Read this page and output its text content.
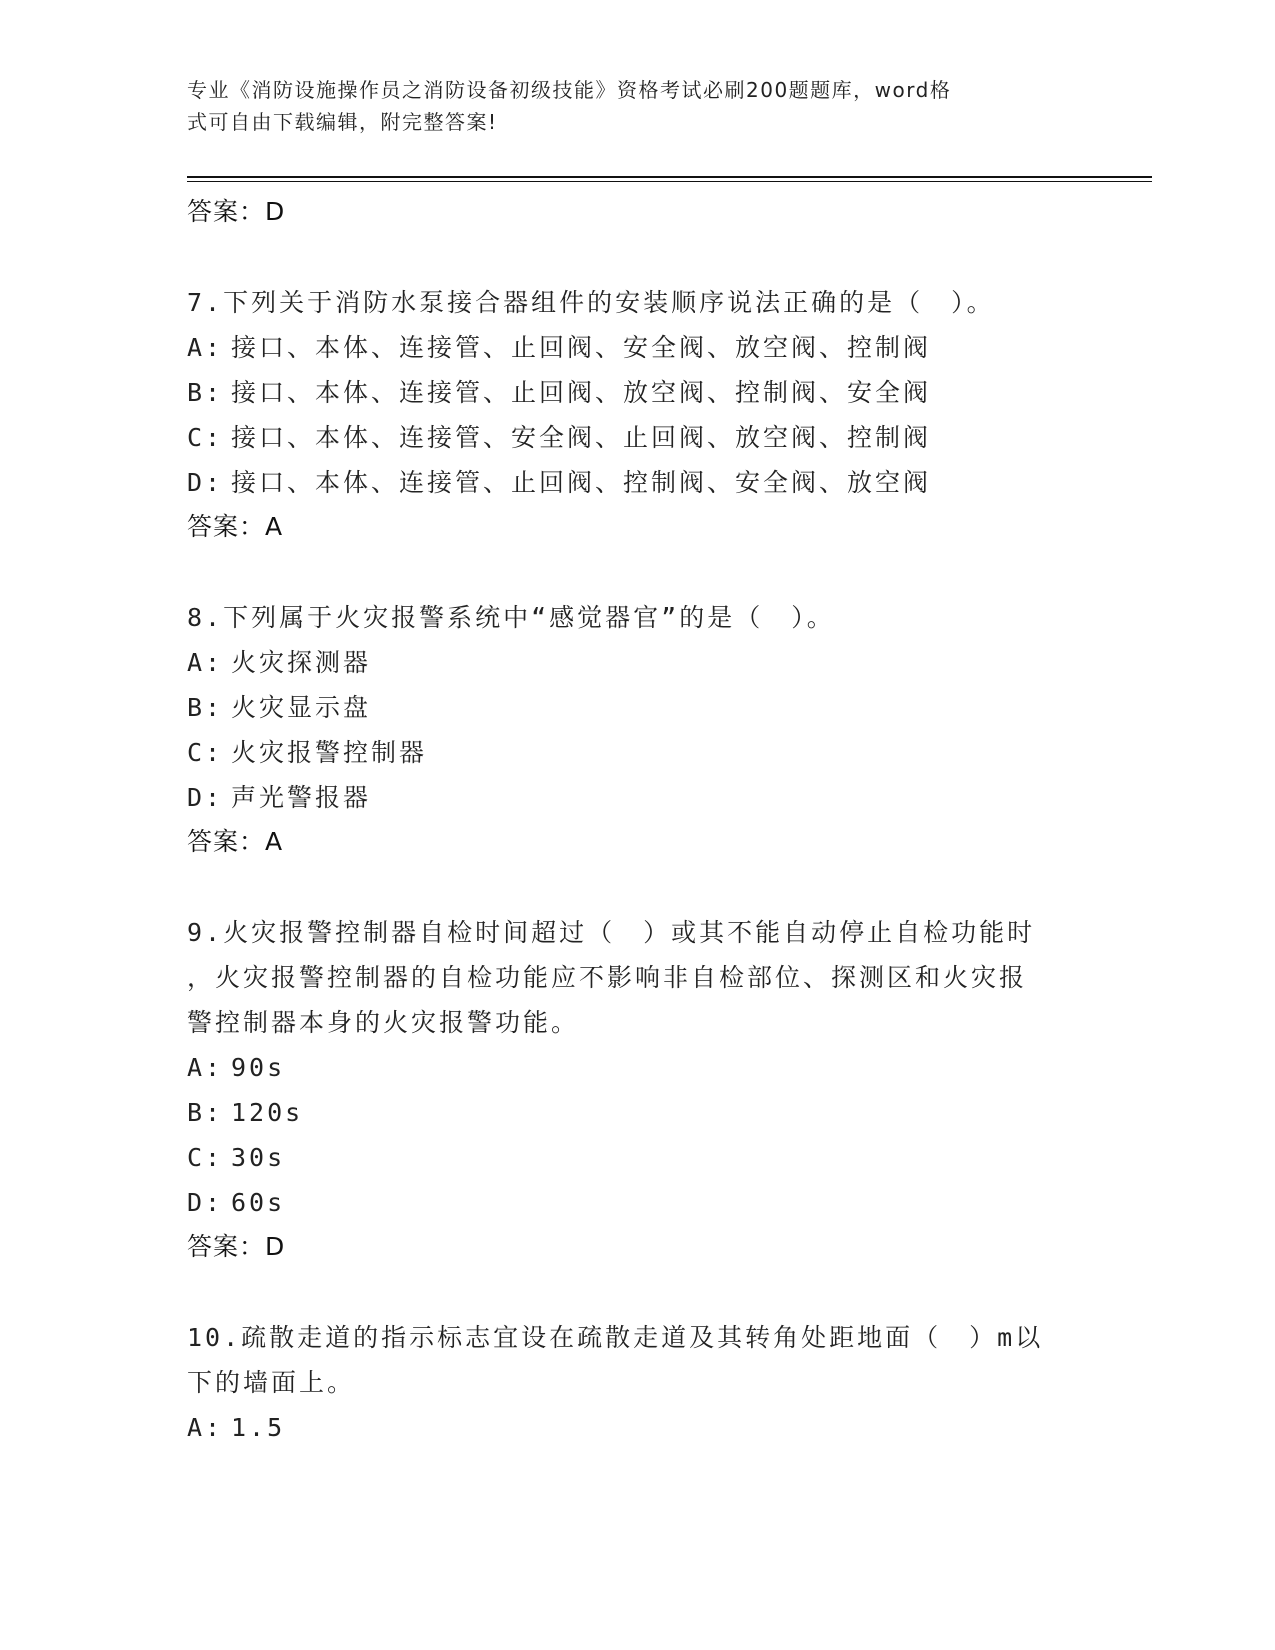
专业《消防设施操作员之消防设备初级技能》资格考试必刷200题题库，word格
式可自由下载编辑，附完整答案!
答案：D
7.下列关于消防水泵接合器组件的安装顺序说法正确的是（　）。
A: 接口、本体、连接管、止回阀、安全阀、放空阀、控制阀
B: 接口、本体、连接管、止回阀、放空阀、控制阀、安全阀
C: 接口、本体、连接管、安全阀、止回阀、放空阀、控制阀
D: 接口、本体、连接管、止回阀、控制阀、安全阀、放空阀
答案：A
8.下列属于火灾报警系统中“感觉器官”的是（　）。
A: 火灾探测器
B: 火灾显示盘
C: 火灾报警控制器
D: 声光警报器
答案：A
9.火灾报警控制器自检时间超过（　）或其不能自动停止自检功能时
，火灾报警控制器的自检功能应不影响非自检部位、探测区和火灾报
警控制器本身的火灾报警功能。
A: 90s
B: 120s
C: 30s
D: 60s
答案：D
10.疏散走道的指示标志宜设在疏散走道及其转角处距地面（　）m以
下的墙面上。
A: 1.5
